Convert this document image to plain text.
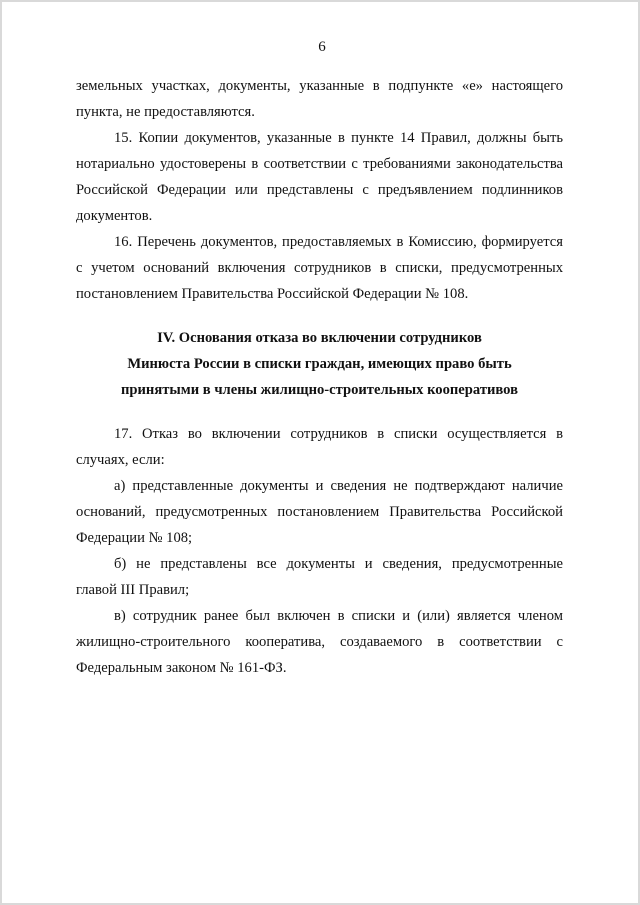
6

земельных участках, документы, указанные в подпункте «е» настоящего пункта, не предоставляются.

15. Копии документов, указанные в пункте 14 Правил, должны быть нотариально удостоверены в соответствии с требованиями законодательства Российской Федерации или представлены с предъявлением подлинников документов.

16. Перечень документов, предоставляемых в Комиссию, формируется с учетом оснований включения сотрудников в списки, предусмотренных постановлением Правительства Российской Федерации № 108.

IV. Основания отказа во включении сотрудников
Минюста России в списки граждан, имеющих право быть
принятыми в члены жилищно-строительных кооперативов

17. Отказ во включении сотрудников в списки осуществляется в случаях, если:

а) представленные документы и сведения не подтверждают наличие оснований, предусмотренных постановлением Правительства Российской Федерации № 108;

б) не представлены все документы и сведения, предусмотренные главой III Правил;

в) сотрудник ранее был включен в списки и (или) является членом жилищно-строительного кооператива, создаваемого в соответствии с Федеральным законом № 161-ФЗ.
